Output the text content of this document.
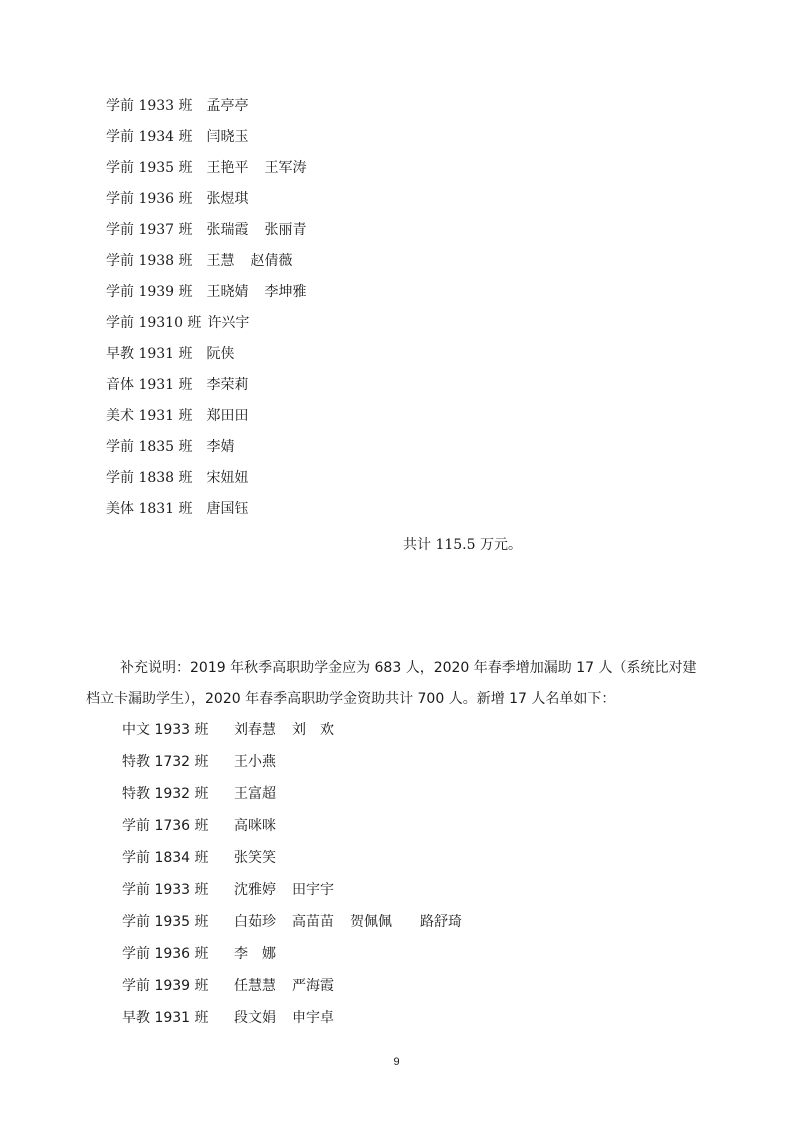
学前 1933 班 孟亭亭
学前 1934 班 闫晓玉
学前 1935 班 王艳平 王军涛
学前 1936 班 张煜琪
学前 1937 班 张瑞霞 张丽青
学前 1938 班 王慧 赵倩薇
学前 1939 班 王晓婧 李坤雅
学前 19310 班 许兴宇
早教 1931 班 阮侠
音体 1931 班 李荣莉
美术 1931 班 郑田田
学前 1835 班 李婧
学前 1838 班 宋妞妞
美体 1831 班 唐国钰
共计 115.5 万元。
补充说明：2019 年秋季高职助学金应为 683 人，2020 年春季增加漏助 17 人（系统比对建档立卡漏助学生），2020 年春季高职助学金资助共计 700 人。新增 17 人名单如下：
中文 1933 班 刘春慧 刘　欢
特教 1732 班 王小燕
特教 1932 班 王富超
学前 1736 班 高咪咪
学前 1834 班 张笑笑
学前 1933 班 沈雅婷 田宇宇
学前 1935 班 白茹珍 高苗苗 贺佩佩 路舒琦
学前 1936 班 李　娜
学前 1939 班 任慧慧 严海霞
早教 1931 班 段文娟 申宇卓
9
